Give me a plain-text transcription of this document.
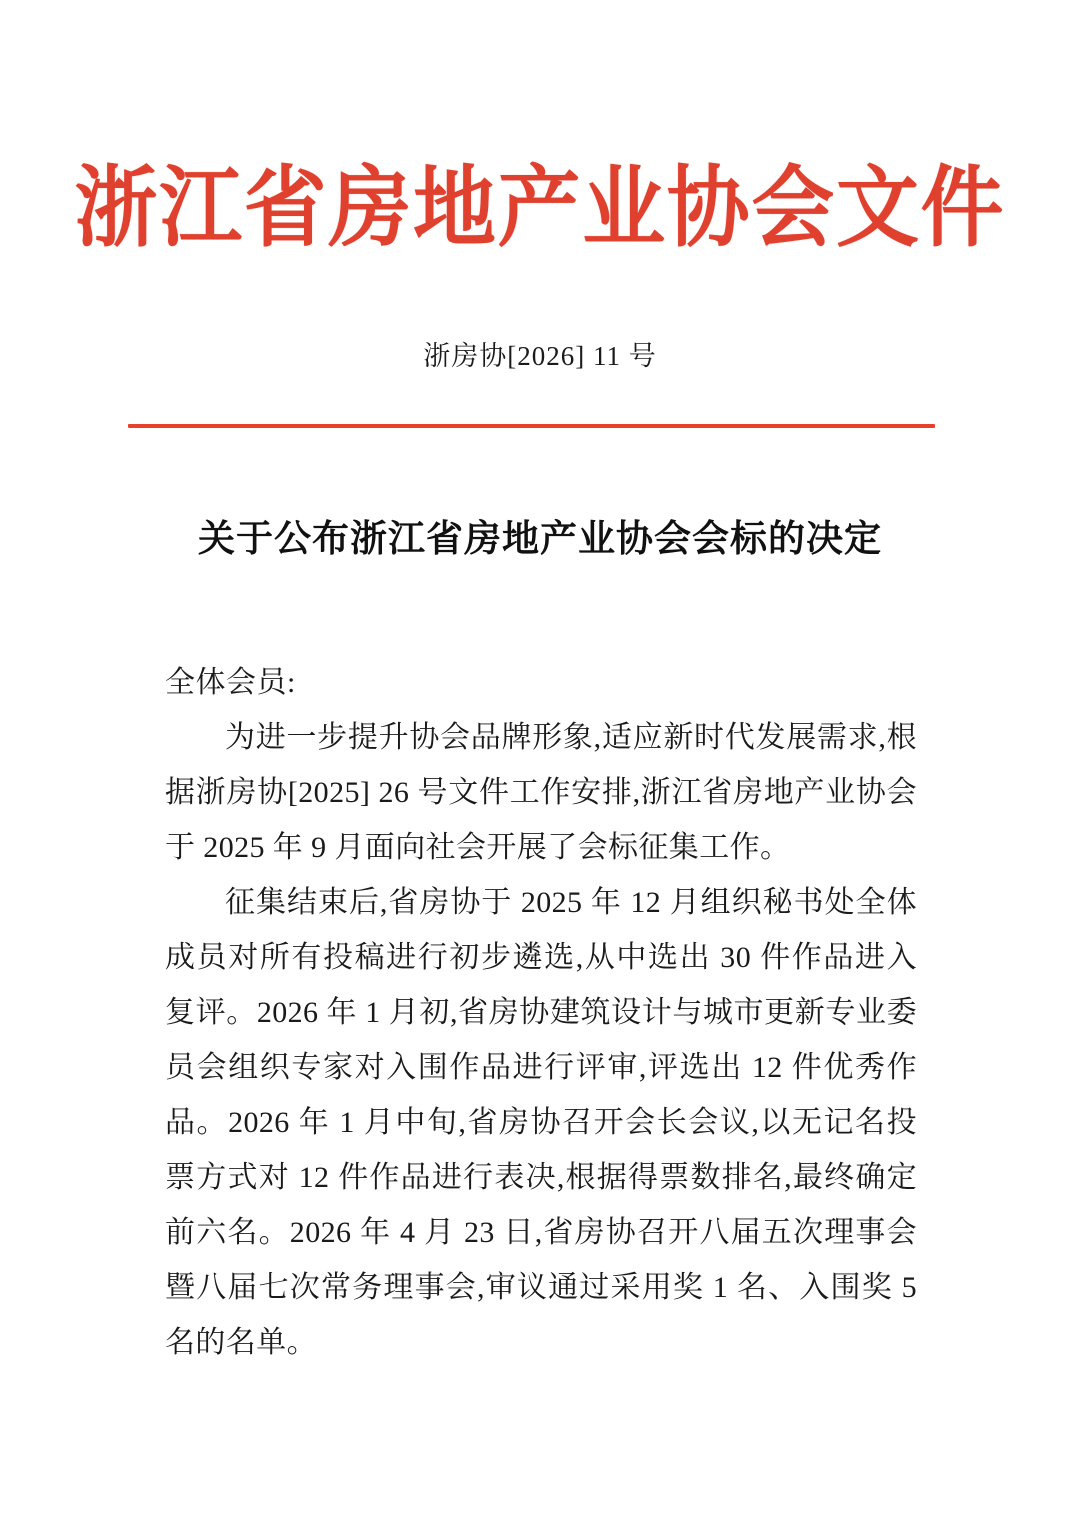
浙江省房地产业协会文件
浙房协[2026] 11 号
关于公布浙江省房地产业协会会标的决定

全体会员:

为进一步提升协会品牌形象,适应新时代发展需求,根据浙房协[2025] 26 号文件工作安排,浙江省房地产业协会于 2025 年 9 月面向社会开展了会标征集工作。

征集结束后,省房协于 2025 年 12 月组织秘书处全体成员对所有投稿进行初步遴选,从中选出 30 件作品进入复评。2026 年 1 月初,省房协建筑设计与城市更新专业委员会组织专家对入围作品进行评审,评选出 12 件优秀作品。2026 年 1 月中旬,省房协召开会长会议,以无记名投票方式对 12 件作品进行表决,根据得票数排名,最终确定前六名。2026 年 4 月 23 日,省房协召开八届五次理事会暨八届七次常务理事会,审议通过采用奖 1 名、入围奖 5 名的名单。
